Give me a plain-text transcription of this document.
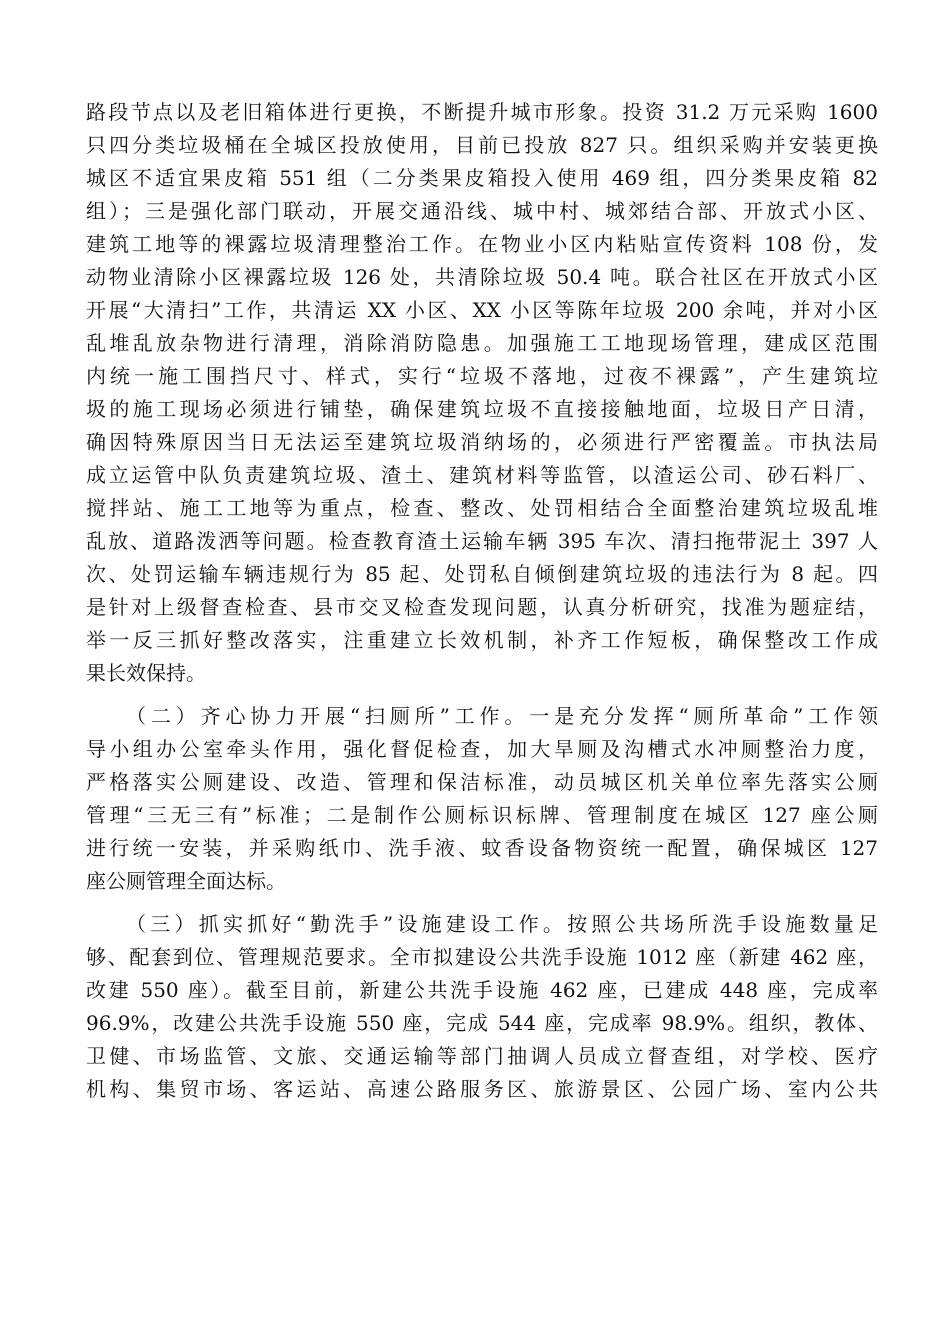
路段节点以及老旧箱体进行更换，不断提升城市形象。投资 31.2 万元采购 1600
只四分类垃圾桶在全城区投放使用，目前已投放 827 只。组织采购并安装更换
城区不适宜果皮箱 551 组（二分类果皮箱投入使用 469 组，四分类果皮箱 82
组）；三是强化部门联动，开展交通沿线、城中村、城郊结合部、开放式小区、
建筑工地等的裸露垃圾清理整治工作。在物业小区内粘贴宣传资料 108 份，发
动物业清除小区裸露垃圾 126 处，共清除垃圾 50.4 吨。联合社区在开放式小区
开展“大清扫”工作，共清运 XX 小区、XX 小区等陈年垃圾 200 余吨，并对小区
乱堆乱放杂物进行清理，消除消防隐患。加强施工工地现场管理，建成区范围
内统一施工围挡尺寸、样式，实行“垃圾不落地，过夜不裸露”，产生建筑垃
圾的施工现场必须进行铺垫，确保建筑垃圾不直接接触地面，垃圾日产日清，
确因特殊原因当日无法运至建筑垃圾消纳场的，必须进行严密覆盖。市执法局
成立运管中队负责建筑垃圾、渣土、建筑材料等监管，以渣运公司、砂石料厂、
搅拌站、施工工地等为重点，检查、整改、处罚相结合全面整治建筑垃圾乱堆
乱放、道路泼洒等问题。检查教育渣土运输车辆 395 车次、清扫拖带泥土 397 人
次、处罚运输车辆违规行为 85 起、处罚私自倾倒建筑垃圾的违法行为 8 起。四
是针对上级督查检查、县市交叉检查发现问题，认真分析研究，找准为题症结，
举一反三抓好整改落实，注重建立长效机制，补齐工作短板，确保整改工作成
果长效保持。
（二）齐心协力开展“扫厕所”工作。一是充分发挥“厕所革命”工作领
导小组办公室牵头作用，强化督促检查，加大旱厕及沟槽式水冲厕整治力度，
严格落实公厕建设、改造、管理和保洁标准，动员城区机关单位率先落实公厕
管理“三无三有”标准；二是制作公厕标识标牌、管理制度在城区 127 座公厕
进行统一安装，并采购纸巾、洗手液、蚊香设备物资统一配置，确保城区 127
座公厕管理全面达标。
（三）抓实抓好“勤洗手”设施建设工作。按照公共场所洗手设施数量足
够、配套到位、管理规范要求。全市拟建设公共洗手设施 1012 座（新建 462 座，
改建 550 座）。截至目前，新建公共洗手设施 462 座，已建成 448 座，完成率
96.9%，改建公共洗手设施 550 座，完成 544 座，完成率 98.9%。组织，教体、
卫健、市场监管、文旅、交通运输等部门抽调人员成立督查组，对学校、医疗
机构、集贸市场、客运站、高速公路服务区、旅游景区、公园广场、室内公共
